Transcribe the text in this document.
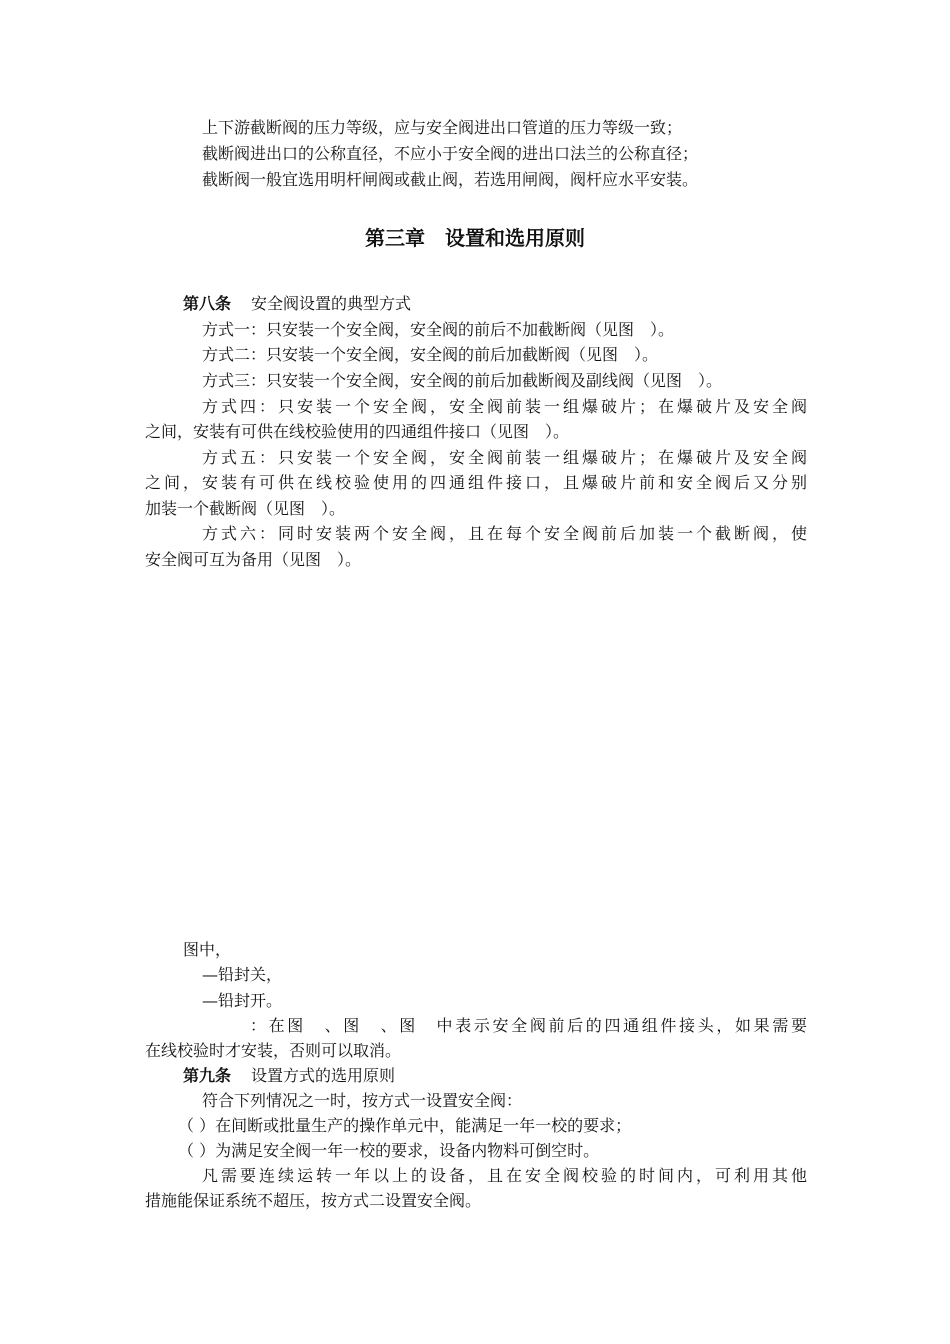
上下游截断阀的压力等级，应与安全阀进出口管道的压力等级一致；
截断阀进出口的公称直径，不应小于安全阀的进出口法兰的公称直径；
截断阀一般宜选用明杆闸阀或截止阀，若选用闸阀，阀杆应水平安装。
第三章　设置和选用原则
第八条 安全阀设置的典型方式
方式一：只安装一个安全阀，安全阀的前后不加截断阀（见图　）。
方式二：只安装一个安全阀，安全阀的前后加截断阀（见图　）。
方式三：只安装一个安全阀，安全阀的前后加截断阀及副线阀（见图　）。
方式四：只安装一个安全阀，安全阀前装一组爆破片；在爆破片及安全阀
之间，安装有可供在线校验使用的四通组件接口（见图　）。
方式五：只安装一个安全阀，安全阀前装一组爆破片；在爆破片及安全阀
之间，安装有可供在线校验使用的四通组件接口，且爆破片前和安全阀后又分别
加装一个截断阀（见图　）。
方式六：同时安装两个安全阀，且在每个安全阀前后加装一个截断阀，使
安全阀可互为备用（见图　）。
图中，
—铅封关，
—铅封开。
：在图　、图　、图　中表示安全阀前后的四通组件接头，如果需要
在线校验时才安装，否则可以取消。
第九条 设置方式的选用原则
符合下列情况之一时，按方式一设置安全阀：
（ ）在间断或批量生产的操作单元中，能满足一年一校的要求；
（ ）为满足安全阀一年一校的要求，设备内物料可倒空时。
凡需要连续运转一年以上的设备，且在安全阀校验的时间内，可利用其他
措施能保证系统不超压，按方式二设置安全阀。
